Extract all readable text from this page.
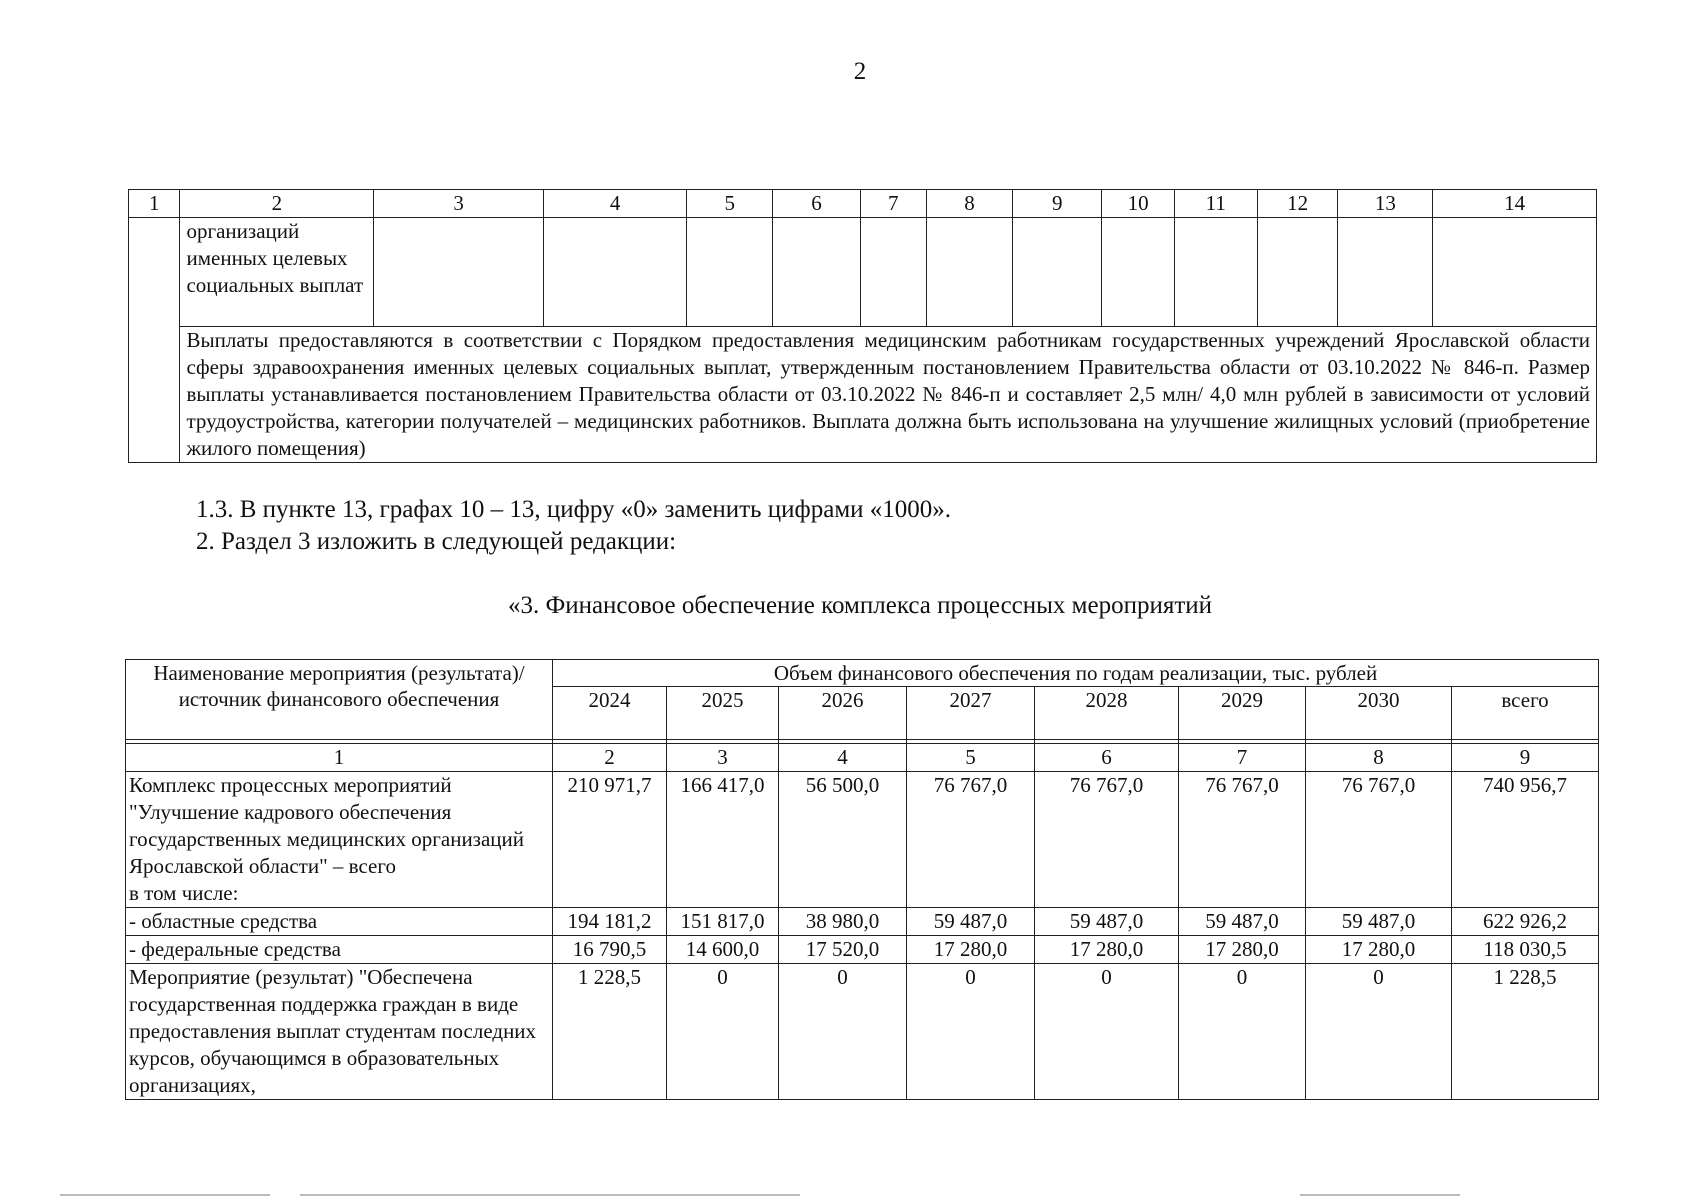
2
1	2	3	4	5	6	7	8	9	10	11	12	13	14
	организаций именных целевых социальных выплат												
	Выплаты предоставляются в соответствии с Порядком предоставления медицинским работникам государственных учреждений Ярославской области сферы здравоохранения именных целевых социальных выплат, утвержденным постановлением Правительства области от 03.10.2022 № 846-п. Размер выплаты устанавливается постановлением Правительства области от 03.10.2022 № 846-п и составляет 2,5 млн/ 4,0 млн рублей в зависимости от условий трудоустройства, категории получателей – медицинских работников. Выплата должна быть использована на улучшение жилищных условий (приобретение жилого помещения)												
1.3. В пункте 13, графах 10 – 13, цифру «0» заменить цифрами «1000».
2. Раздел 3 изложить в следующей редакции:
«3. Финансовое обеспечение комплекса процессных мероприятий
Наименование мероприятия (результата)/ источник финансового обеспечения	Объем финансового обеспечения по годам реализации, тыс. рублей							
	2024	2025	2026	2027	2028	2029	2030	всего

1	2	3	4	5	6	7	8	9
Комплекс процессных мероприятий "Улучшение кадрового обеспечения государственных медицинских организаций Ярославской области" – всего
в том числе:	210 971,7	166 417,0	56 500,0	76 767,0	76 767,0	76 767,0	76 767,0	740 956,7
- областные средства	194 181,2	151 817,0	38 980,0	59 487,0	59 487,0	59 487,0	59 487,0	622 926,2
- федеральные средства	16 790,5	14 600,0	17 520,0	17 280,0	17 280,0	17 280,0	17 280,0	118 030,5
Мероприятие (результат) "Обеспечена государственная поддержка граждан в виде предоставления выплат студентам последних курсов, обучающимся в образовательных организациях,	1 228,5	0	0	0	0	0	0	1 228,5
